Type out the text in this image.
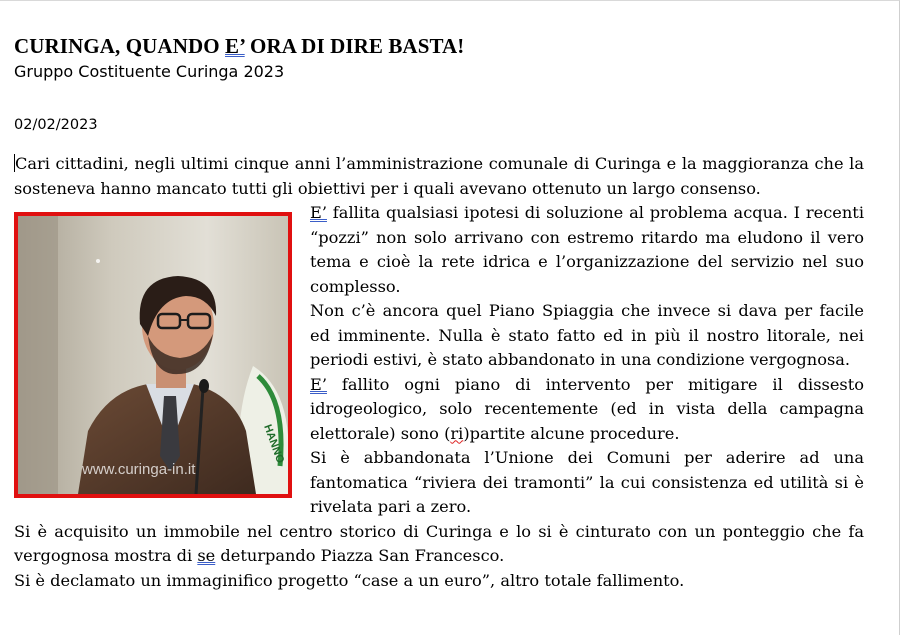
CURINGA, QUANDO E’ ORA DI DIRE BASTA!
Gruppo Costituente Curinga 2023
02/02/2023

Cari cittadini, negli ultimi cinque anni l’amministrazione comunale di Curinga e la maggioranza che la sosteneva hanno mancato tutti gli obiettivi per i quali avevano ottenuto un largo consenso.

HANNO
www.curinga-in.it

E’ fallita qualsiasi ipotesi di soluzione al problema acqua. I recenti “pozzi” non solo arrivano con estremo ritardo ma eludono il vero tema e cioè la rete idrica e l’organizzazione del servizio nel suo complesso.

Non c’è ancora quel Piano Spiaggia che invece si dava per facile ed imminente. Nulla è stato fatto ed in più il nostro litorale, nei periodi estivi, è stato abbandonato in una condizione vergognosa.

E’ fallito ogni piano di intervento per mitigare il dissesto idrogeologico, solo recentemente (ed in vista della campagna elettorale) sono (ri)partite alcune procedure.

Si è abbandonata l’Unione dei Comuni per aderire ad una fantomatica “riviera dei tramonti” la cui consistenza ed utilità si è rivelata pari a zero.

Si è acquisito un immobile nel centro storico di Curinga e lo si è cinturato con un ponteggio che fa vergognosa mostra di se deturpando Piazza San Francesco.

Si è declamato un immaginifico progetto “case a un euro”, altro totale fallimento.
